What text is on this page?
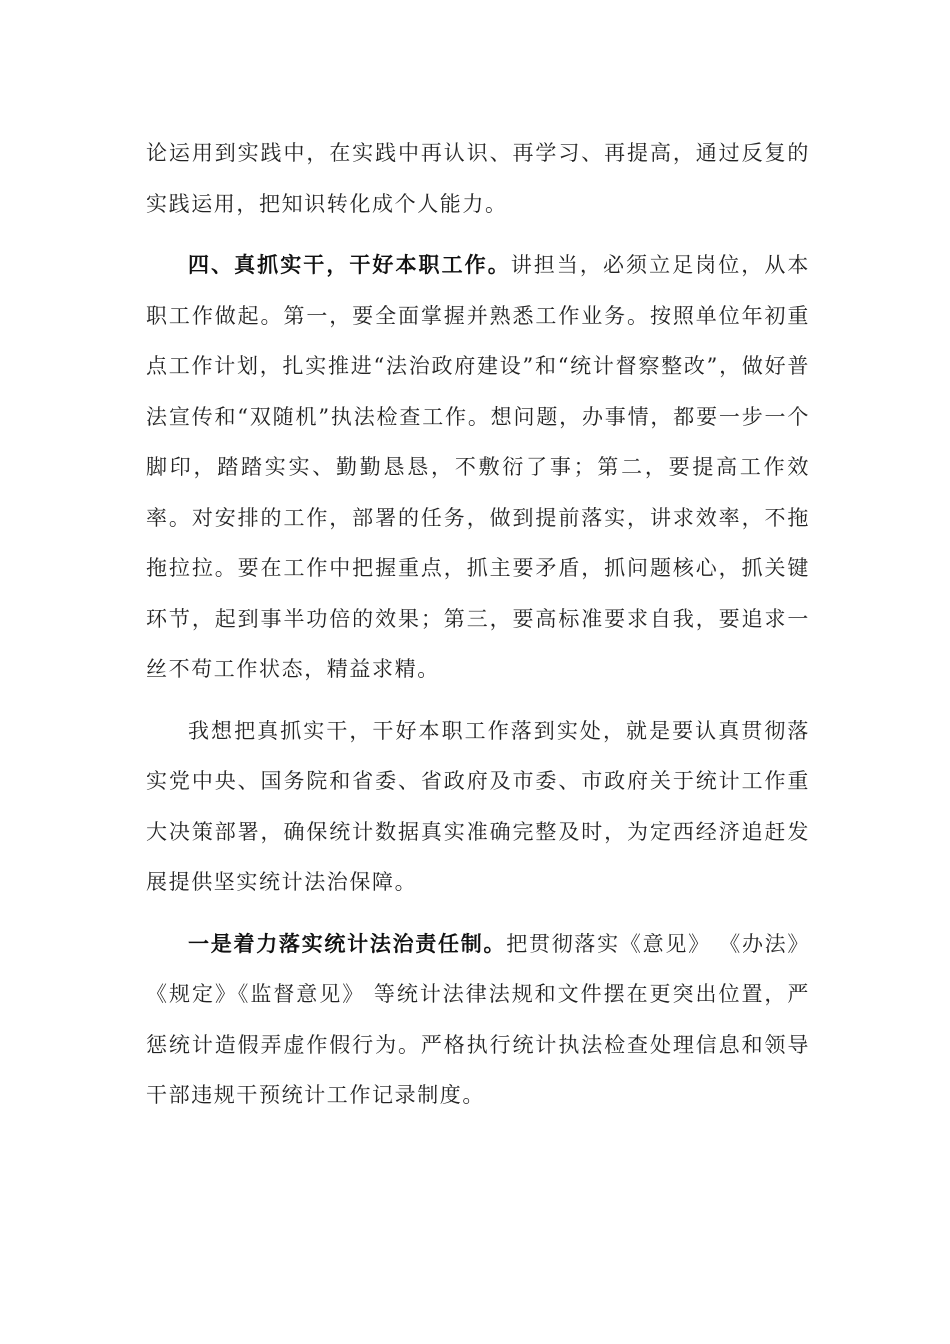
论运用到实践中，在实践中再认识、再学习、再提高，通过反复的实践运用，把知识转化成个人能力。

四、真抓实干，干好本职工作。讲担当，必须立足岗位，从本职工作做起。第一，要全面掌握并熟悉工作业务。按照单位年初重点工作计划，扎实推进“法治政府建设”和“统计督察整改”，做好普法宣传和“双随机”执法检查工作。想问题，办事情，都要一步一个脚印，踏踏实实、勤勤恳恳，不敷衍了事；第二，要提高工作效率。对安排的工作，部署的任务，做到提前落实，讲求效率，不拖拖拉拉。要在工作中把握重点，抓主要矛盾，抓问题核心，抓关键环节，起到事半功倍的效果；第三，要高标准要求自我，要追求一丝不苟工作状态，精益求精。

我想把真抓实干，干好本职工作落到实处，就是要认真贯彻落实党中央、国务院和省委、省政府及市委、市政府关于统计工作重大决策部署，确保统计数据真实准确完整及时，为定西经济追赶发展提供坚实统计法治保障。

一是着力落实统计法治责任制。把贯彻落实《意见》 《办法》《规定》《监督意见》 等统计法律法规和文件摆在更突出位置，严惩统计造假弄虚作假行为。严格执行统计执法检查处理信息和领导干部违规干预统计工作记录制度。
